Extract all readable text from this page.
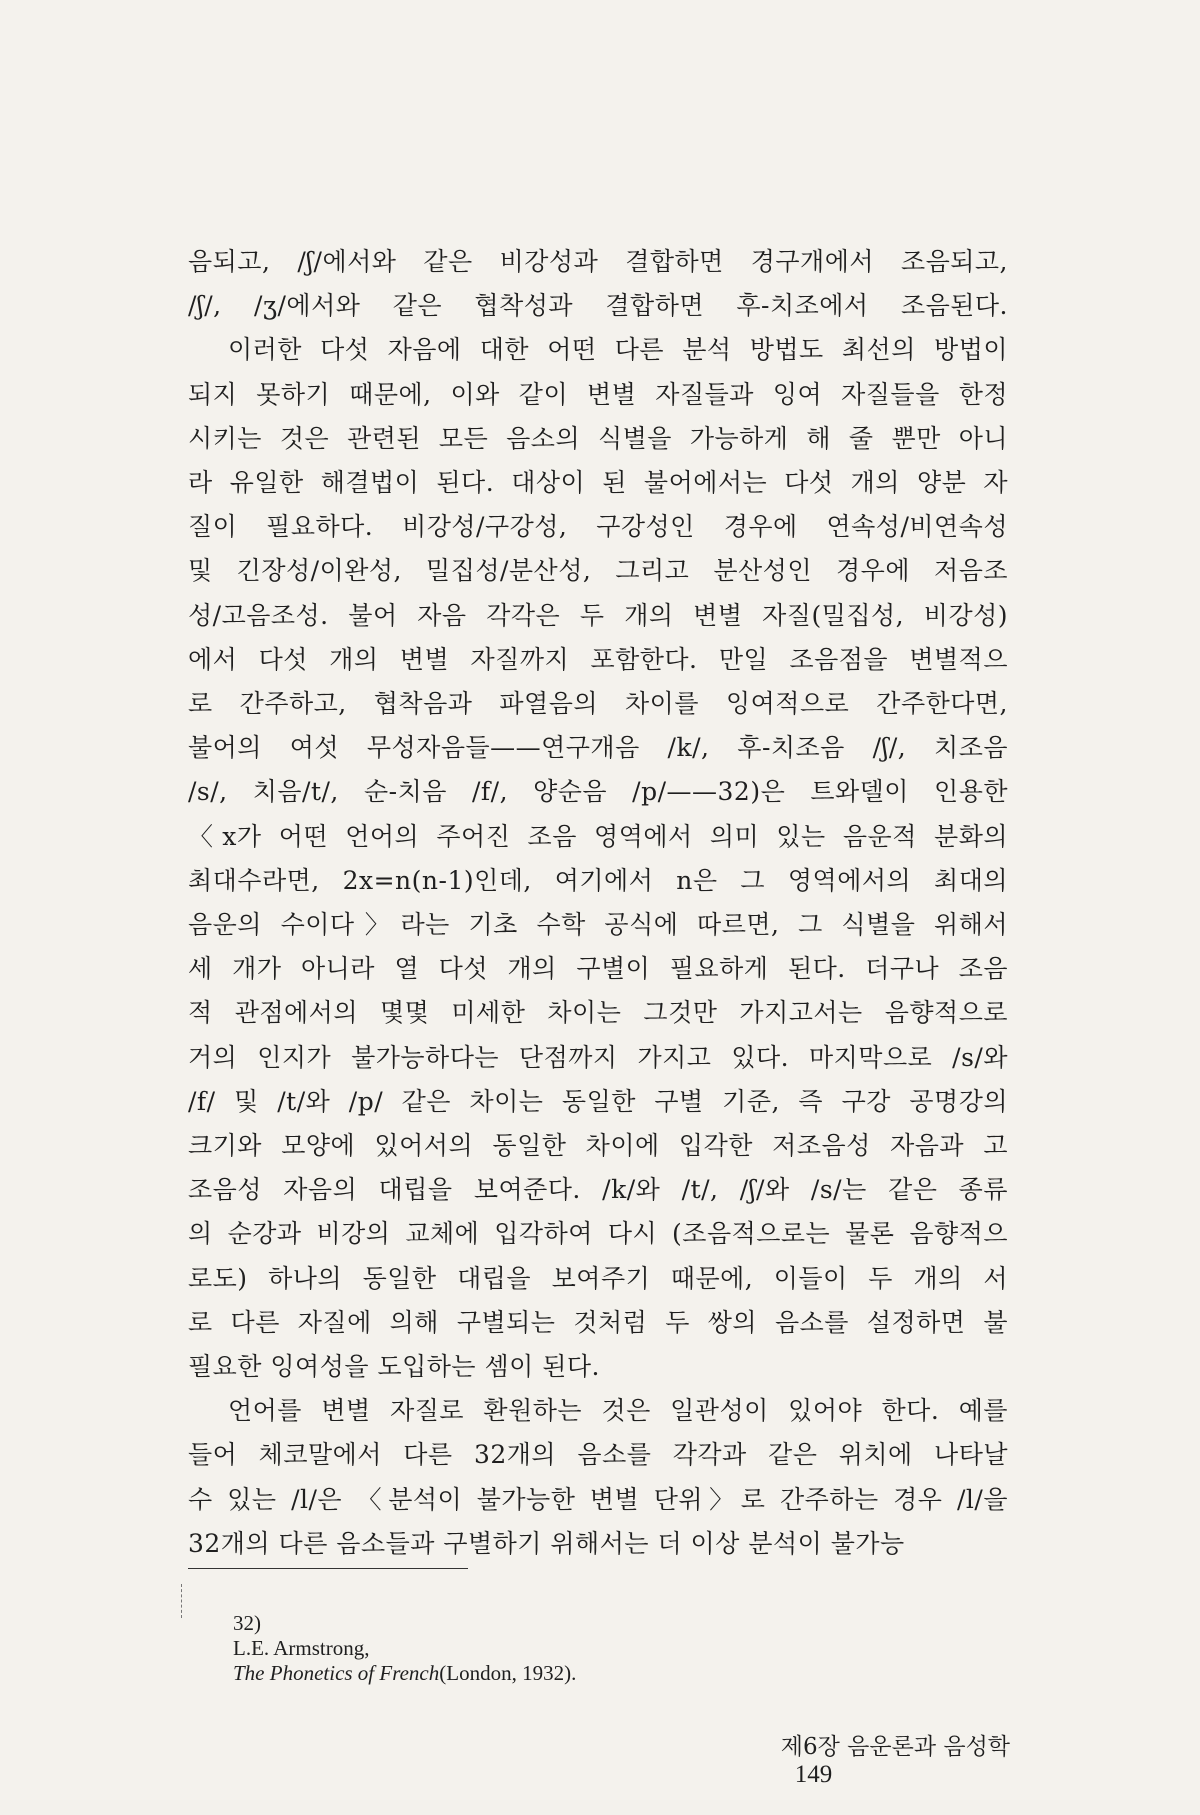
음되고, /ʃ/에서와 같은 비강성과 결합하면 경구개에서 조음되고,
/ʃ/, /ʒ/에서와 같은 협착성과 결합하면 후-치조에서 조음된다.
이러한 다섯 자음에 대한 어떤 다른 분석 방법도 최선의 방법이
되지 못하기 때문에, 이와 같이 변별 자질들과 잉여 자질들을 한정
시키는 것은 관련된 모든 음소의 식별을 가능하게 해 줄 뿐만 아니
라 유일한 해결법이 된다. 대상이 된 불어에서는 다섯 개의 양분 자
질이 필요하다. 비강성/구강성, 구강성인 경우에 연속성/비연속성
및 긴장성/이완성, 밀집성/분산성, 그리고 분산성인 경우에 저음조
성/고음조성. 불어 자음 각각은 두 개의 변별 자질(밀집성, 비강성)
에서 다섯 개의 변별 자질까지 포함한다. 만일 조음점을 변별적으
로 간주하고, 협착음과 파열음의 차이를 잉여적으로 간주한다면,
불어의 여섯 무성자음들——연구개음 /k/, 후-치조음 /ʃ/, 치조음
/s/, 치음/t/, 순-치음 /f/, 양순음 /p/——32)은 트와델이 인용한
〈x가 어떤 언어의 주어진 조음 영역에서 의미 있는 음운적 분화의
최대수라면, 2x=n(n-1)인데, 여기에서 n은 그 영역에서의 최대의
음운의 수이다〉라는 기초 수학 공식에 따르면, 그 식별을 위해서
세 개가 아니라 열 다섯 개의 구별이 필요하게 된다. 더구나 조음
적 관점에서의 몇몇 미세한 차이는 그것만 가지고서는 음향적으로
거의 인지가 불가능하다는 단점까지 가지고 있다. 마지막으로 /s/와
/f/ 및 /t/와 /p/ 같은 차이는 동일한 구별 기준, 즉 구강 공명강의
크기와 모양에 있어서의 동일한 차이에 입각한 저조음성 자음과 고
조음성 자음의 대립을 보여준다. /k/와 /t/, /ʃ/와 /s/는 같은 종류
의 순강과 비강의 교체에 입각하여 다시 (조음적으로는 물론 음향적으
로도) 하나의 동일한 대립을 보여주기 때문에, 이들이 두 개의 서
로 다른 자질에 의해 구별되는 것처럼 두 쌍의 음소를 설정하면 불
필요한 잉여성을 도입하는 셈이 된다.
언어를 변별 자질로 환원하는 것은 일관성이 있어야 한다. 예를
들어 체코말에서 다른 32개의 음소를 각각과 같은 위치에 나타날
수 있는 /l/은 〈분석이 불가능한 변별 단위〉로 간주하는 경우 /l/을
32개의 다른 음소들과 구별하기 위해서는 더 이상 분석이 불가능

32)
L.E. Armstrong,
The Phonetics of French(London, 1932).

제6장 음운론과 음성학
149
